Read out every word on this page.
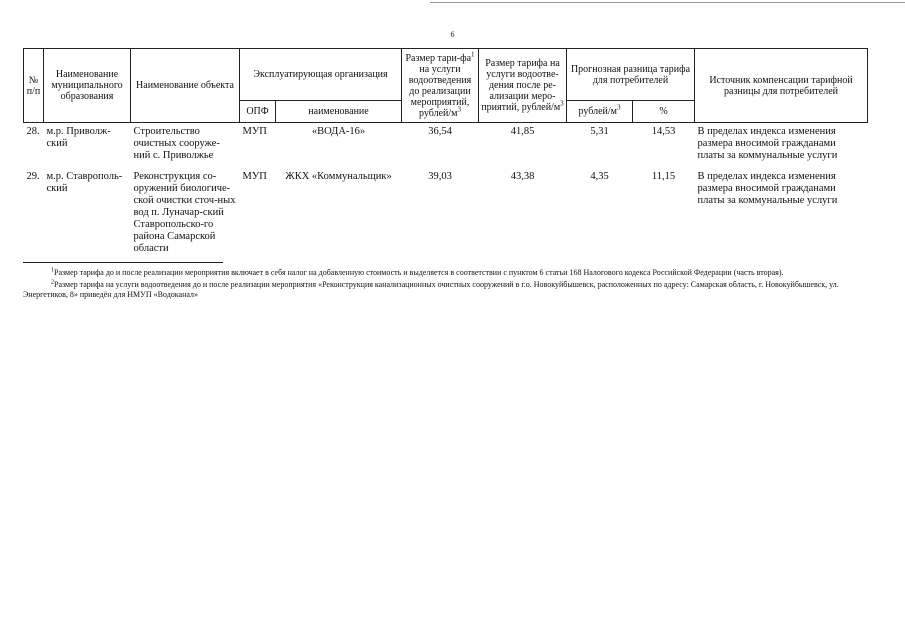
6
№ п/п	Наименование муниципального образования	Наименование объекта	Эксплуатирующая организация		Размер тари-$фа^1$ на услуги водоотведения до реализации мероприятий, рублей/$м^3$	Размер тарифа на услуги водоотве-дения после ре-ализации меро-приятий, рублей/$м^3$	Прогнозная разница тарифа для потребителей		Источник компенсации тарифной разницы для потребителей
			ОПФ	наименование			рублей/$м^3$	%	
28.	м.р. Приволж-ский	Строительство очистных сооруже-ний с. Приволжье	МУП	«ВОДА-16»	36,54	41,85	5,31	14,53	В пределах индекса изменения размера вносимой гражданами платы за коммунальные услуги
29.	м.р. Ставрополь-ский	Реконструкция со-оружений биологиче-ской очистки сточ-ных вод п. Луначар-ский Ставропольско-го района Самарской области	МУП	ЖКХ «Коммунальщик»	39,03	43,38	4,35	11,15	В пределах индекса изменения размера вносимой гражданами платы за коммунальные услуги

$^1$Размер тарифа до и после реализации мероприятия включает в себя налог на добавленную стоимость и выделяется в соответствии с пунктом 6 статьи 168 Налогового кодекса Российской Федерации (часть вторая).

$^2$Размер тарифа на услуги водоотведения до и после реализации мероприятия «Реконструкция канализационных очистных сооружений в г.о. Новокуйбышевск, расположенных по адресу: Самарская область, г. Новокуйбышевск, ул. Энергетиков, 8» приведён для НМУП «Водоканал»
